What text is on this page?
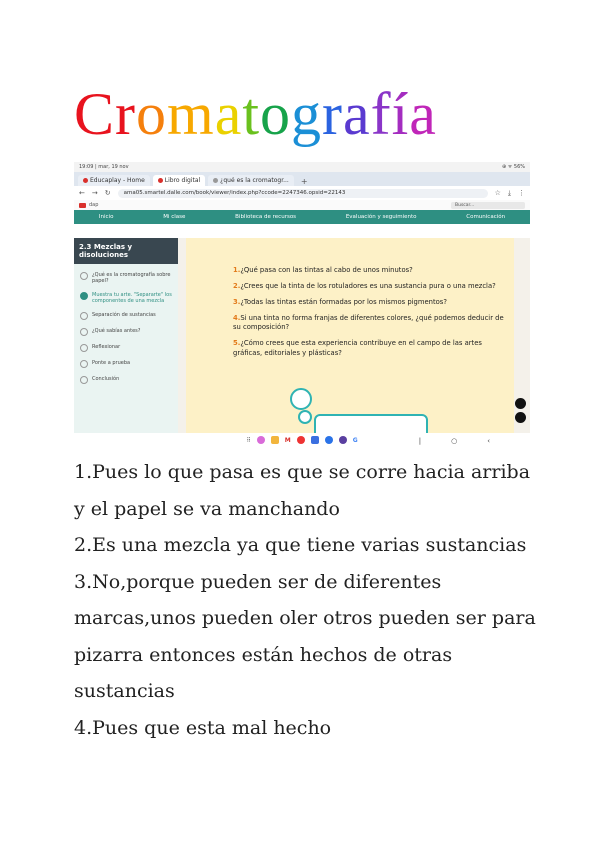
Cromatografía
19:09 | mar, 19 nov	⊕ ᯤ 56%
Educaplay - Home	Libro digital	¿qué es la cromatogr...	+
← → ↻	ama05.smartel.dalle.com/book/viewer/index.php?ccode=2247346.opsid=22143	☆ ⤓ ⋮
dap	Buscar...
Inicio	Mi clase	Biblioteca de recursos	Evaluación y seguimiento	Comunicación
2.3 Mezclas y disoluciones
¿Qué es la cromatografía sobre papel?
Muestra tu arte. "Separarte" los componentes de una mezcla
Separación de sustancias
¿Qué sabías antes?
Reflexionar
Ponte a prueba
Conclusión

1.¿Qué pasa con las tintas al cabo de unos minutos?

2.¿Crees que la tinta de los rotuladores es una sustancia pura o una mezcla?

3.¿Todas las tintas están formadas por los mismos pigmentos?

4.Si una tinta no forma franjas de diferentes colores, ¿qué podemos deducir de su composición?

5.¿Cómo crees que esta experiencia contribuye en el campo de las artes gráficas, editoriales y plásticas?

⠿	M	G	|	○	‹

1.Pues lo que pasa es que se corre hacia arriba y el papel se va manchando

2.Es una mezcla ya que tiene varias sustancias

3.No,porque pueden ser de diferentes marcas,unos pueden oler otros pueden ser para pizarra entonces están hechos de otras sustancias

4.Pues que esta mal hecho
